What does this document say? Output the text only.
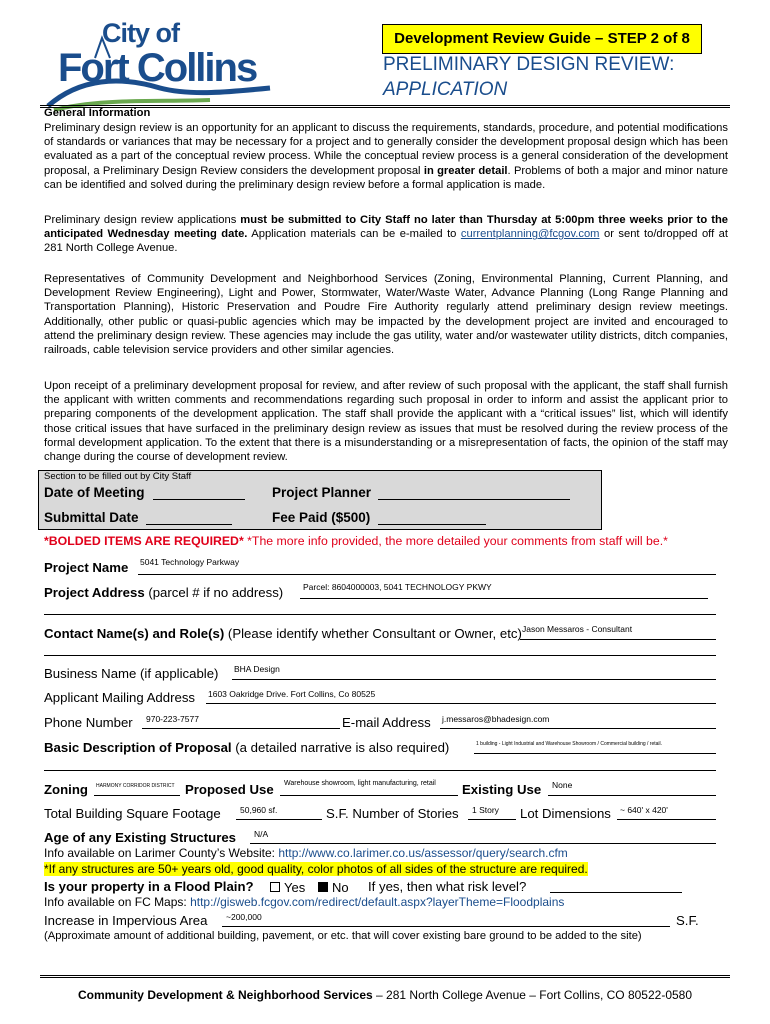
City of
Fort Collins
Development Review Guide – STEP 2 of 8
PRELIMINARY DESIGN REVIEW:
APPLICATION
General Information
Preliminary design review is an opportunity for an applicant to discuss the requirements, standards, procedure, and potential modifications of standards or variances that may be necessary for a project and to generally consider the development proposal design which has been evaluated as a part of the conceptual review process. While the conceptual review process is a general consideration of the development proposal, a Preliminary Design Review considers the development proposal in greater detail. Problems of both a major and minor nature can be identified and solved during the preliminary design review before a formal application is made.
Preliminary design review applications must be submitted to City Staff no later than Thursday at 5:00pm three weeks prior to the anticipated Wednesday meeting date. Application materials can be e-mailed to currentplanning@fcgov.com or sent to/dropped off at 281 North College Avenue.
Representatives of Community Development and Neighborhood Services (Zoning, Environmental Planning, Current Planning, and Development Review Engineering), Light and Power, Stormwater, Water/Waste Water, Advance Planning (Long Range Planning and Transportation Planning), Historic Preservation and Poudre Fire Authority regularly attend preliminary design review meetings. Additionally, other public or quasi-public agencies which may be impacted by the development project are invited and encouraged to attend the preliminary design review. These agencies may include the gas utility, water and/or wastewater utility districts, ditch companies, railroads, cable television service providers and other similar agencies.
Upon receipt of a preliminary development proposal for review, and after review of such proposal with the applicant, the staff shall furnish the applicant with written comments and recommendations regarding such proposal in order to inform and assist the applicant prior to preparing components of the development application. The staff shall provide the applicant with a “critical issues” list, which will identify those critical issues that have surfaced in the preliminary design review as issues that must be resolved during the review process of the formal development application. To the extent that there is a misunderstanding or a misrepresentation of facts, the opinion of the staff may change during the course of development review.
Section to be filled out by City Staff
Date of Meeting	Project Planner
Submittal Date	Fee Paid ($500)
*BOLDED ITEMS ARE REQUIRED* *The more info provided, the more detailed your comments from staff will be.*
Project Name 5041 Technology Parkway
Project Address (parcel # if no address) Parcel: 8604000003, 5041 TECHNOLOGY PKWY
Contact Name(s) and Role(s) (Please identify whether Consultant or Owner, etc) Jason Messaros - Consultant
Business Name (if applicable) BHA Design
Applicant Mailing Address 1603 Oakridge Drive. Fort Collins, Co 80525
Phone Number 970-223-7577	E-mail Address j.messaros@bhadesign.com
Basic Description of Proposal (a detailed narrative is also required)	1 building - Light Industrial and Warehouse Showroom / Commercial building / retail.
Zoning HARMONY CORRIDOR DISTRICT Proposed Use Warehouse showroom, light manufacturing, retail Existing Use None
Total Building Square Footage 50,960 sf.	S.F. Number of Stories 1 Story Lot Dimensions ~ 640' x 420'
Age of any Existing Structures N/A
Info available on Larimer County’s Website: http://www.co.larimer.co.us/assessor/query/search.cfm
*If any structures are 50+ years old, good quality, color photos of all sides of the structure are required.
Is your property in a Flood Plain?	Yes	No If yes, then what risk level?
Info available on FC Maps: http://gisweb.fcgov.com/redirect/default.aspx?layerTheme=Floodplains
Increase in Impervious Area ~200,000	S.F.
(Approximate amount of additional building, pavement, or etc. that will cover existing bare ground to be added to the site)
Community Development & Neighborhood Services – 281 North College Avenue – Fort Collins, CO 80522-0580
